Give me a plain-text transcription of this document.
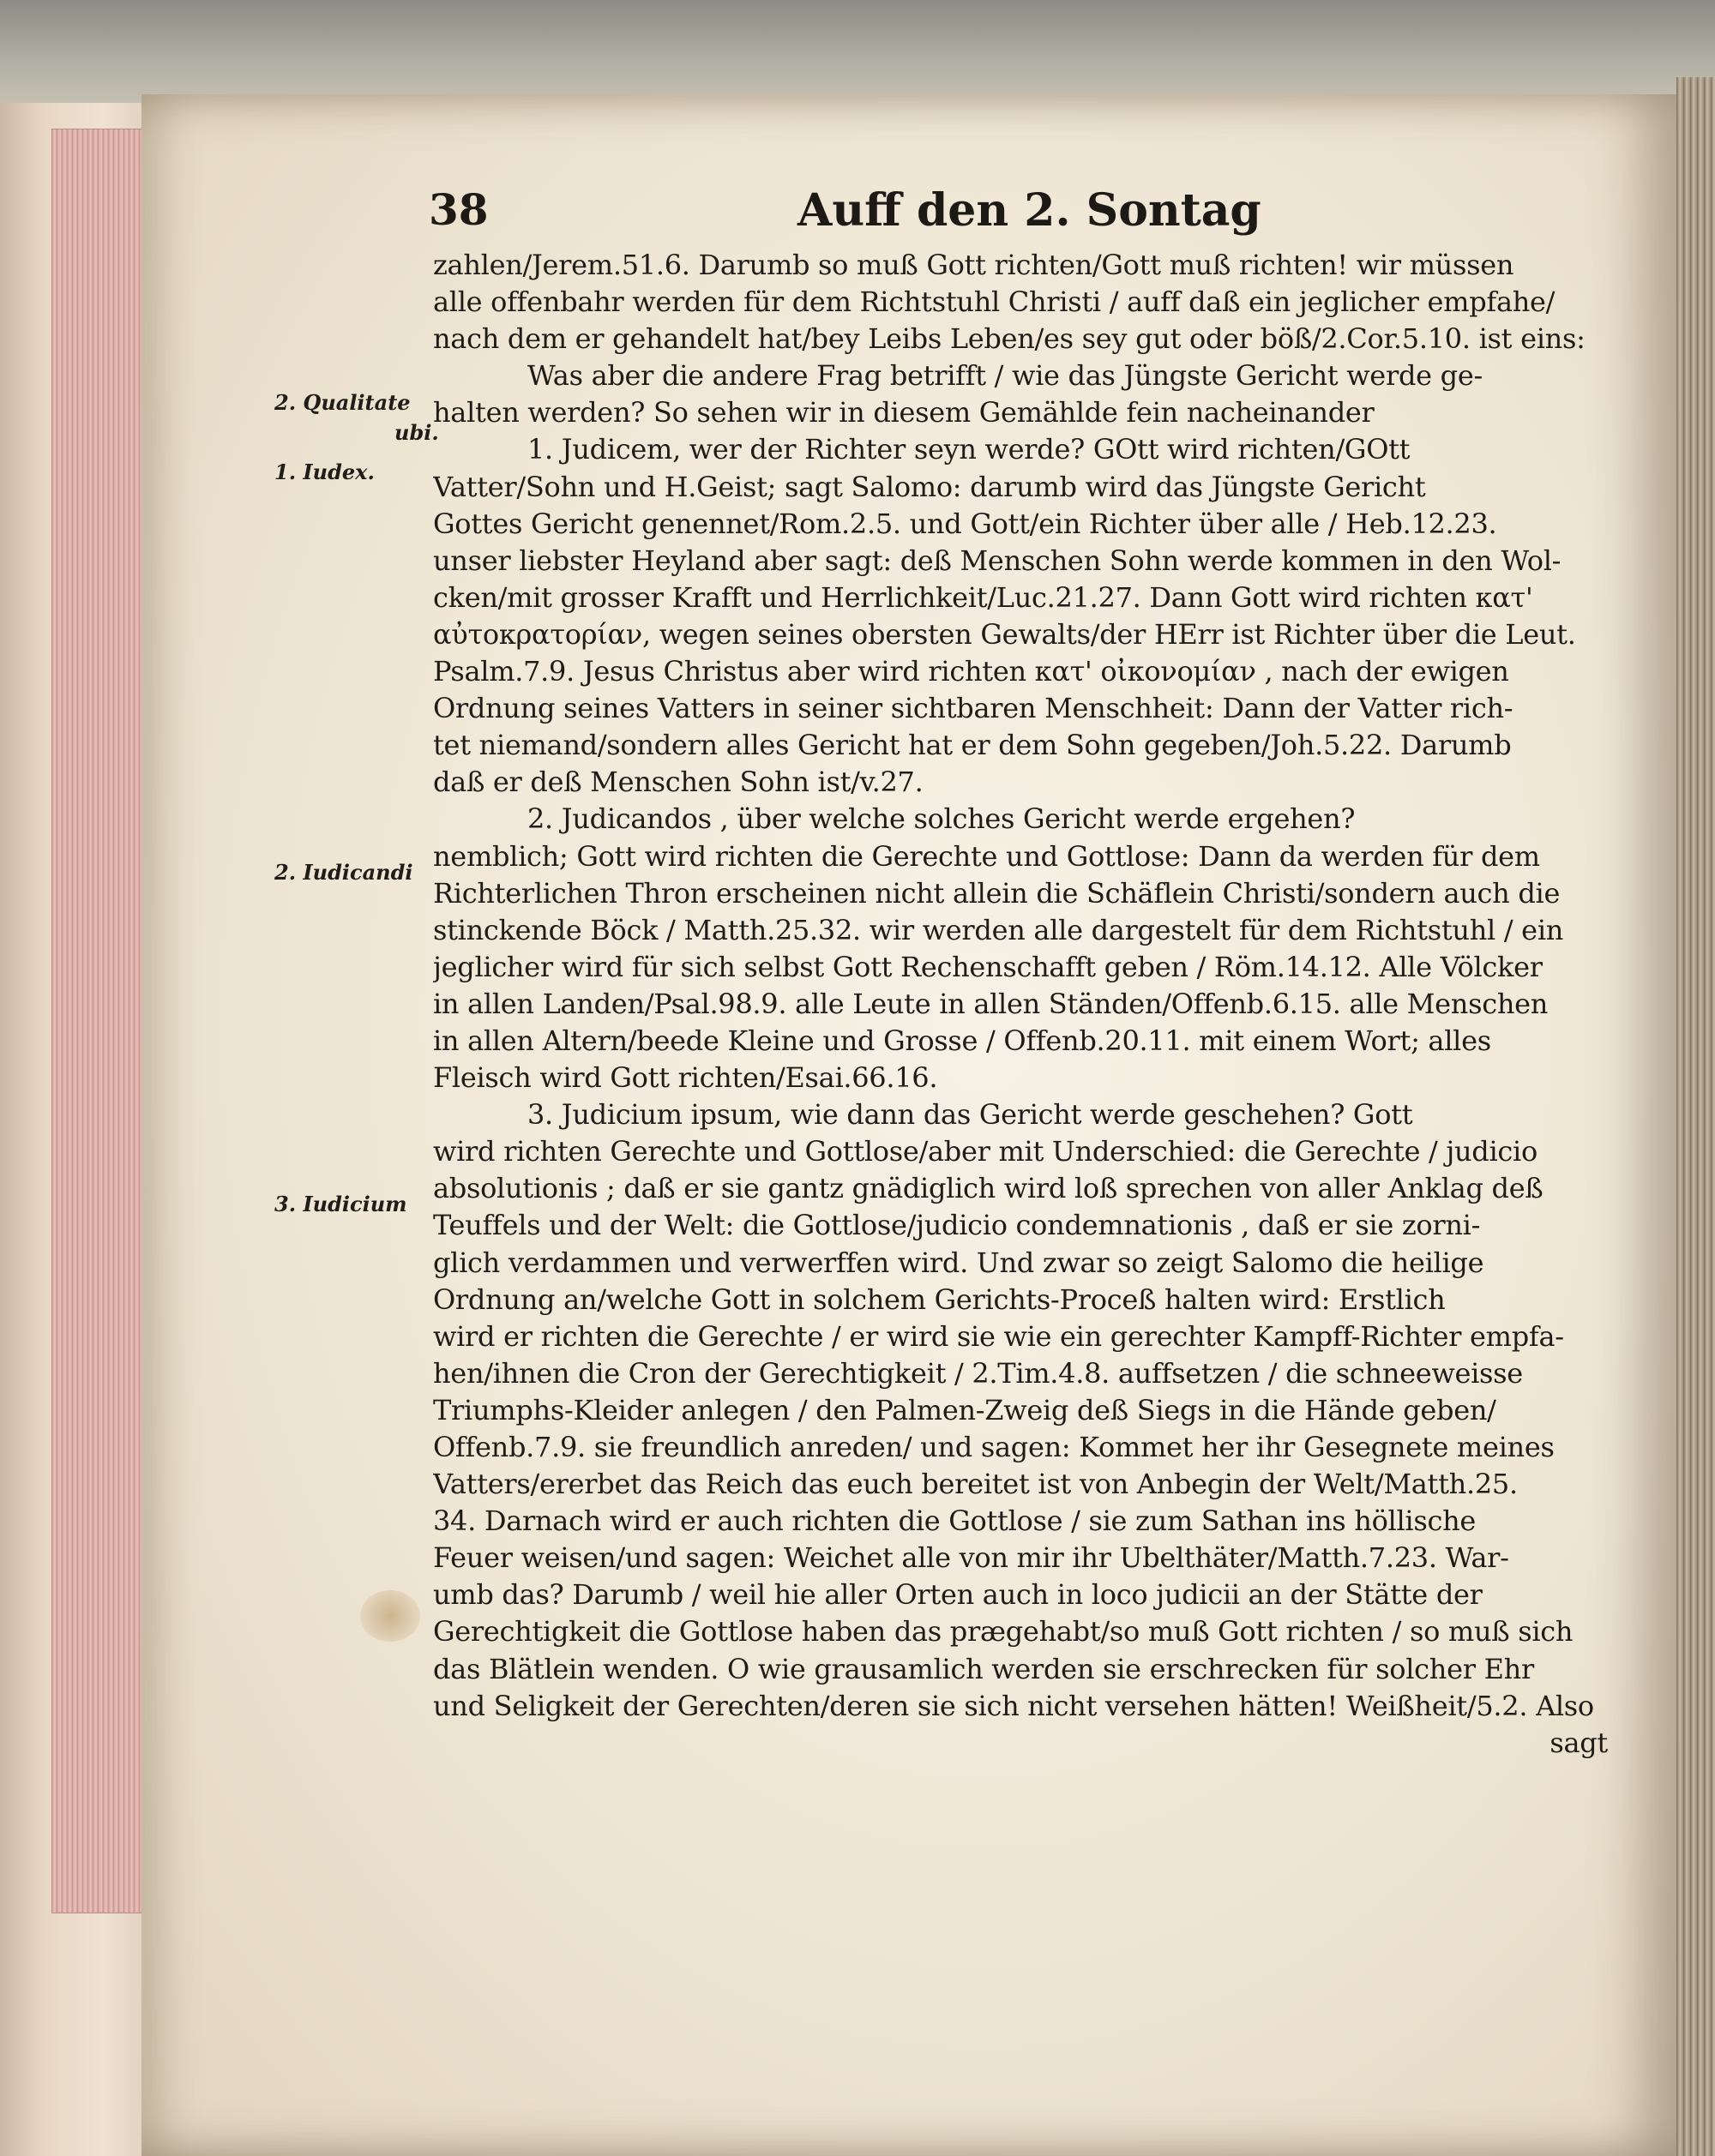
38	Auff den 2. Sontag
2. Qualitate
ubi.
1. Iudex.
2. Iudicandi
3. Iudicium
zahlen/Jerem.51.6. Darumb so muß Gott richten/Gott muß richten! wir müssen
alle offenbahr werden für dem Richtstuhl Christi / auff daß ein jeglicher empfahe/
nach dem er gehandelt hat/bey Leibs Leben/es sey gut oder böß/2.Cor.5.10. ist eins:
Was aber die andere Frag betrifft / wie das Jüngste Gericht werde ge-
halten werden? So sehen wir in diesem Gemählde fein nacheinander
1. Judicem, wer der Richter seyn werde? GOtt wird richten/GOtt
Vatter/Sohn und H.Geist; sagt Salomo: darumb wird das Jüngste Gericht
Gottes Gericht genennet/Rom.2.5. und Gott/ein Richter über alle / Heb.12.23.
unser liebster Heyland aber sagt: deß Menschen Sohn werde kommen in den Wol-
cken/mit grosser Krafft und Herrlichkeit/Luc.21.27. Dann Gott wird richten κατ'
αὐτοκρατορίαν, wegen seines obersten Gewalts/der HErr ist Richter über die Leut.
Psalm.7.9. Jesus Christus aber wird richten κατ' οἰκονομίαν , nach der ewigen
Ordnung seines Vatters in seiner sichtbaren Menschheit: Dann der Vatter rich-
tet niemand/sondern alles Gericht hat er dem Sohn gegeben/Joh.5.22. Darumb
daß er deß Menschen Sohn ist/v.27.
2. Judicandos , über welche solches Gericht werde ergehen?
nemblich; Gott wird richten die Gerechte und Gottlose: Dann da werden für dem
Richterlichen Thron erscheinen nicht allein die Schäflein Christi/sondern auch die
stinckende Böck / Matth.25.32. wir werden alle dargestelt für dem Richtstuhl / ein
jeglicher wird für sich selbst Gott Rechenschafft geben / Röm.14.12. Alle Völcker
in allen Landen/Psal.98.9. alle Leute in allen Ständen/Offenb.6.15. alle Menschen
in allen Altern/beede Kleine und Grosse / Offenb.20.11. mit einem Wort; alles
Fleisch wird Gott richten/Esai.66.16.
3. Judicium ipsum, wie dann das Gericht werde geschehen? Gott
wird richten Gerechte und Gottlose/aber mit Underschied: die Gerechte / judicio
absolutionis ; daß er sie gantz gnädiglich wird loß sprechen von aller Anklag deß
Teuffels und der Welt: die Gottlose/judicio condemnationis , daß er sie zorni-
glich verdammen und verwerffen wird. Und zwar so zeigt Salomo die heilige
Ordnung an/welche Gott in solchem Gerichts-Proceß halten wird: Erstlich
wird er richten die Gerechte / er wird sie wie ein gerechter Kampff-Richter empfa-
hen/ihnen die Cron der Gerechtigkeit / 2.Tim.4.8. auffsetzen / die schneeweisse
Triumphs-Kleider anlegen / den Palmen-Zweig deß Siegs in die Hände geben/
Offenb.7.9. sie freundlich anreden/ und sagen: Kommet her ihr Gesegnete meines
Vatters/ererbet das Reich das euch bereitet ist von Anbegin der Welt/Matth.25.
34. Darnach wird er auch richten die Gottlose / sie zum Sathan ins höllische
Feuer weisen/und sagen: Weichet alle von mir ihr Ubelthäter/Matth.7.23. War-
umb das? Darumb / weil hie aller Orten auch in loco judicii an der Stätte der
Gerechtigkeit die Gottlose haben das prægehabt/so muß Gott richten / so muß sich
das Blätlein wenden. O wie grausamlich werden sie erschrecken für solcher Ehr
und Seligkeit der Gerechten/deren sie sich nicht versehen hätten! Weißheit/5.2. Also
sagt
